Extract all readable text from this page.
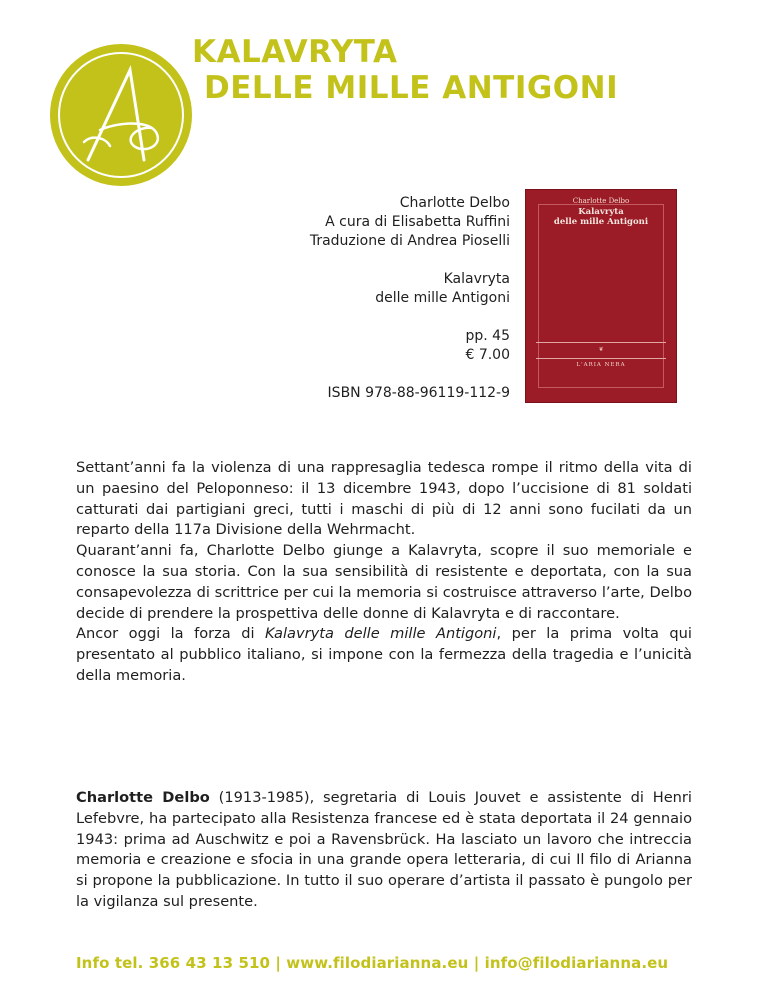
KALAVRYTA
DELLE MILLE ANTIGONI

Charlotte Delbo

A cura di Elisabetta Ruffini

Traduzione di Andrea Pioselli

Kalavryta

delle mille Antigoni

pp. 45

€ 7.00

ISBN 978-88-96119-112-9

Charlotte Delbo
Kalavryta
delle mille Antigoni
❦
L'ARIA NERA

Settant’anni fa la violenza di una rappresaglia tedesca rompe il ritmo della vita di un paesino del Peloponneso: il 13 dicembre 1943, dopo l’uccisione di 81 soldati catturati dai partigiani greci, tutti i maschi di più di 12 anni sono fucilati da un reparto della 117a Divisione della Wehrmacht.

Quarant’anni fa, Charlotte Delbo giunge a Kalavryta, scopre il suo memoriale e conosce la sua storia. Con la sua sensibilità di resistente e deportata, con la sua consapevolezza di scrittrice per cui la memoria si costruisce attraverso l’arte, Delbo decide di prendere la prospettiva delle donne di Kalavryta e di raccontare.

Ancor oggi la forza di Kalavryta delle mille Antigoni, per la prima volta qui presentato al pubblico italiano, si impone con la fermezza della tragedia e l’unicità della memoria.

Charlotte Delbo (1913-1985), segretaria di Louis Jouvet e assistente di Henri Lefebvre, ha partecipato alla Resistenza francese ed è stata deportata il 24 gennaio 1943: prima ad Auschwitz e poi a Ravensbrück. Ha lasciato un lavoro che intreccia memoria e creazione e sfocia in una grande opera letteraria, di cui Il filo di Arianna si propone la pubblicazione. In tutto il suo operare d’artista il passato è pungolo per la vigilanza sul presente.

Info tel. 366 43 13 510 | www.filodiarianna.eu | info@filodiarianna.eu
